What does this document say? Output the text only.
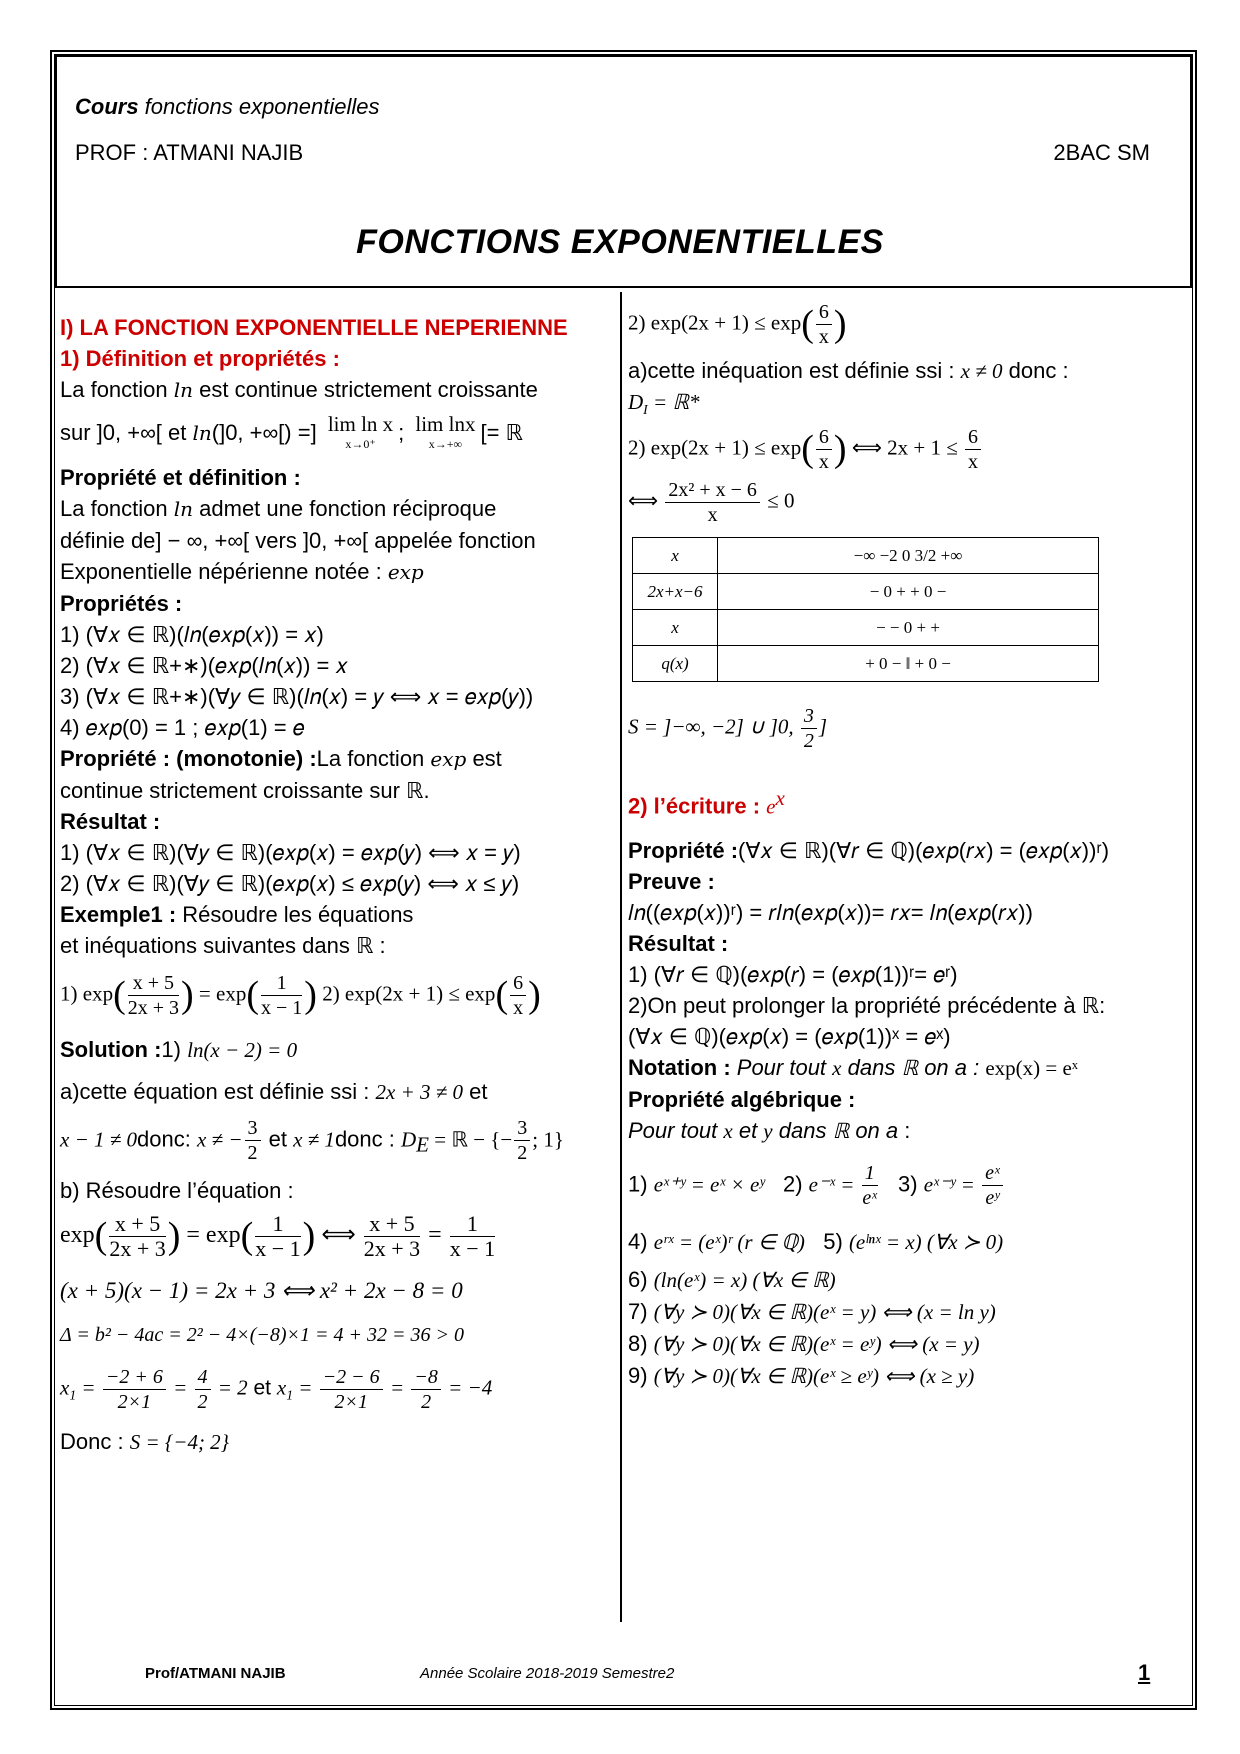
Cours fonctions exponentielles
PROF : ATMANI NAJIB	2BAC SM
FONCTIONS EXPONENTIELLES
I) LA FONCTION EXPONENTIELLE NEPERIENNE
1) Définition et propriétés :
La fonction ln est continue strictement croissante
sur ]0, +∞[ et ln(]0, +∞[) =] lim ln x
x→0⁺	; lim lnx
x→+∞ [= ℝ
Propriété et définition :
La fonction ln admet une fonction réciproque
définie de] − ∞, +∞[ vers ]0, +∞[ appelée fonction
Exponentielle népérienne notée : exp
Propriétés :
1) (∀𝑥 ∈ ℝ)(𝑙𝑛(𝑒𝑥𝑝(𝑥)) = 𝑥)
2) (∀𝑥 ∈ ℝ+∗)(𝑒𝑥𝑝(𝑙𝑛(𝑥)) = 𝑥
3) (∀𝑥 ∈ ℝ+∗)(∀𝑦 ∈ ℝ)(𝑙𝑛(𝑥) = 𝑦 ⟺ 𝑥 = 𝑒𝑥𝑝(𝑦))
4) 𝑒𝑥𝑝(0) = 1 ; 𝑒𝑥𝑝(1) = 𝑒
Propriété : (monotonie) :La fonction exp est
continue strictement croissante sur ℝ.
Résultat :
1) (∀𝑥 ∈ ℝ)(∀𝑦 ∈ ℝ)(𝑒𝑥𝑝(𝑥) = 𝑒𝑥𝑝(𝑦) ⟺ 𝑥 = 𝑦)
2) (∀𝑥 ∈ ℝ)(∀𝑦 ∈ ℝ)(𝑒𝑥𝑝(𝑥) ≤ 𝑒𝑥𝑝(𝑦) ⟺ 𝑥 ≤ 𝑦)
Exemple1 : Résoudre les équations
et inéquations suivantes dans ℝ :
1) $\exp( \frac{x + 5}{2x + 3}$ ) = $\exp( \frac{1}{x - 1}$ ) 2) $\exp(2x + 1) \le \exp( \frac{6}{x}$ )
Solution :1) ln(x − 2) = 0
a)cette équation est définie ssi : 2x + 3 ≠ 0 et
x − 1 ≠ 0donc: x ≠ − $\frac{3}{2}$ et x ≠ 1donc : $D_E$ = ℝ − {− $\frac{3}{2}$ ; 1}
b) Résoudre l’équation :
$\exp( \frac{x + 5}{2x + 3}$ ) = $\exp( \frac{1}{x - 1}$ ) ⟺ $\frac{x + 5}{2x + 3} = \frac{1}{x - 1}$
(x + 5)(x − 1) = 2x + 3 ⟺ x² + 2x − 8 = 0
Δ = b² − 4ac = 2² − 4×(−8)×1 = 4 + 32 = 36 > 0
$x_1 = \frac{-2 + 6}{2\times 1} = \frac{4}{2} = 2$ et $x_1 = \frac{-2 - 6}{2\times 1} = \frac{-8}{2} = -4$
Donc : S = {−4; 2}
2) $\exp(2x + 1) \le \exp( \frac{6}{x}$ )
a)cette inéquation est définie ssi : x ≠ 0 donc :
$D_I$ = ℝ*
2) $\exp(2x + 1) \le \exp( \frac{6}{x}$ ) ⟺ $2x + 1 \le \frac{6}{x}$
⟺ $\frac{\text{2x² + x − 6}}{x} \le 0$
x	−∞ −2 0 3/2 +∞
2x+x−6	− 0 + + 0 −
x	− − 0 + +
q(x)	+ 0 − ‖ + 0 −
S = ]−∞, −2] ∪ ]0, $\frac{3}{2}$ ]
2) l’écriture : $e^x$
Propriété :(∀𝑥 ∈ ℝ)(∀𝑟 ∈ ℚ)(𝑒𝑥𝑝(𝑟𝑥) = (𝑒𝑥𝑝(𝑥))ʳ)
Preuve :
𝑙𝑛((𝑒𝑥𝑝(𝑥))ʳ) = 𝑟𝑙𝑛(𝑒𝑥𝑝(𝑥))= 𝑟𝑥= 𝑙𝑛(𝑒𝑥𝑝(𝑟𝑥))
Résultat :
1) (∀𝑟 ∈ ℚ)(𝑒𝑥𝑝(𝑟) = (𝑒𝑥𝑝(1))ʳ= 𝑒ʳ)
2)On peut prolonger la propriété précédente à ℝ:
(∀𝑥 ∈ ℚ)(𝑒𝑥𝑝(𝑥) = (𝑒𝑥𝑝(1))ˣ = 𝑒ˣ)
Notation : Pour tout x dans ℝ on a : exp(x) = eˣ
Propriété algébrique :
Pour tout x et y dans ℝ on a :
1) eˣ⁺ʸ = eˣ × eʸ 2) e⁻ˣ = $\frac{1}{\text{eˣ}} 3$) eˣ⁻ʸ = $\frac{\text{eˣ}}{\text{eʸ}}$
4) eʳˣ = (eˣ)ʳ (r ∈ ℚ) 5) (eˡⁿˣ = x) (∀x ≻ 0)
6) (ln(eˣ) = x) (∀x ∈ ℝ)
7) (∀y ≻ 0)(∀x ∈ ℝ)(eˣ = y) ⟺ (x = ln y)
8) (∀y ≻ 0)(∀x ∈ ℝ)(eˣ = eʸ) ⟺ (x = y)
9) (∀y ≻ 0)(∀x ∈ ℝ)(eˣ ≥ eʸ) ⟺ (x ≥ y)
Prof/ATMANI NAJIB	Année Scolaire 2018-2019 Semestre2	1
